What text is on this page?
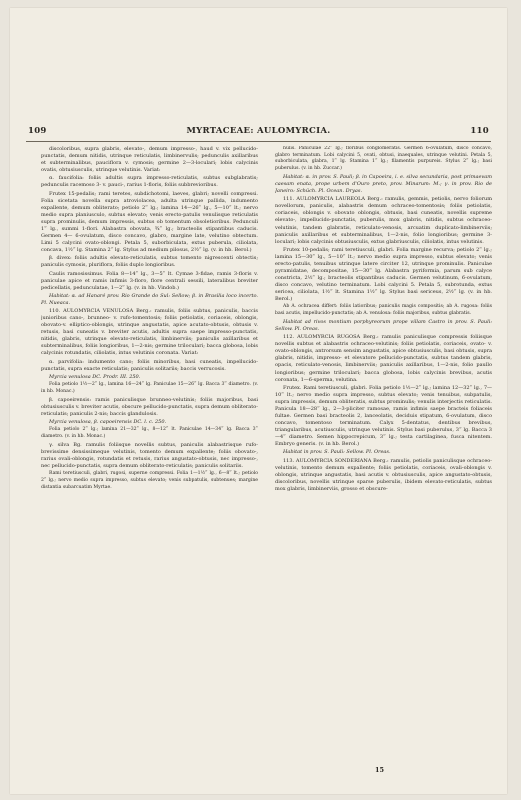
109	MYRTACEAE: AULOMYRCIA.	110

discoloribus, supra glabris, elevato-, demum impresso-, haud v. vix pellucido-punctatis, demum nitidis, utrinque reticulatis, limbinervulis; pedunculis axillaribus et subterminalibus, pauciflora v. cymosis; germine 2—3-loculari; lobis calycinis ovatis, obtusiusculis, utrinque velutinis. Variat:

α. faucifolia: foliis adultis supra impresso-reticulatis, subtus subglabratis; pedunculis racemoso 3- v. pauci-, rarius 1-floris, foliis subbrevioribus.

Frutex 15-pedalis; rami teretes, subdichotomi, laeves, glabri; novelli compressi. Folia sicetata novella supra atroviolacea, adulta utrinque pallida, indumento expallente, demum obliterato; petiolo 2‴ lg.; lamina 14—26‴ lg., 5—10‴ lt.; nervo medio supra planiusculo, subtus elevato; venis erecto-patulis venulisque reticulatis supra prominulis, demum impressis, subtus ob tomentum obsoletioribus. Pedunculi 1‴ lg., summi 1-flori. Alabastra obovata, ¾‴ lg.; bracteolis stipantibus caducis. Germen 4— 6-ovulatum, disco concavo, glabro, margine late, velutino obtectum. Limi 5 calycini ovato-oblongi. Petala 5, suborbiculata, extus puberula, ciliolata, concava, 1½‴ lg. Stamina 2‴ lg. Stylus ad medium pilosus, 2½‴ lg. (v. in hb. Berol.)

β. divex: foliis adultis elevato-reticulatis, subtus tomento nigrescenti obtectis; paniculis cymosis, pluriflora, foliis duplo longioribus.

Caulis ramosissimus. Folia 8—14‴ lg., 3—5‴ lt. Cymae 3-fidae, ramis 3-floris v. paniculae apice et ramis infimis 3-floro, flore centrali sessili, lateralibus breviter pedicellatis, pedunculatae, 1—2‴ lg. (v. in hb. Vindob.)

Habitat: α. ad Hanaré prov. Rio Grande do Sul: Sellow; β. in Brasilia loco incerto. Pl. Nueaca.

110. AULOMYRCIA VENULOSA Berg.: ramulis, foliis subtus, paniculis, baccis junioribus cano-, brunneo- v. rufo-tomentosis; foliis petiolatis, coriaceis, oblongis, obovato-v. elliptico-oblongis, utrinque angustatis, apice acutato-obtusis, obtusis v. retusis, basi cuneatis v. breviter acutis, adultis supra saepe impresso-punctatis, nitidis, glabris, utrinque elevato-reticulatis, limbinerviis; paniculis axillaribus et subterminalibus, foliis longioribus, 1—2-nis; germine triloculari; bacca globosa, lobis calycinis rotundatis, ciliolatis, intus velutinis coronata. Variat:

α. parvifolia: indumento cano; foliis minoribus, basi cuneatis, impellucido-punctatis, supra exacte reticulatis; paniculis solitariis; baccis verrucosis.

Myrcia venulosa DC. Prodr. III. 250.

Folia petiolo 1½—2‴ lg., lamina 16—24‴ lg. Paniculae 15—26‴ lg. Bacca 3‴ diametro. (v. in hb. Monac.)

β. capoeirensis: ramis paniculisque brunneo-velutinis; foliis majoribus, basi obtusiusculis v. breviter acutis, obscure pellucido-punctatis, supra demum obliterato-reticulatis; paniculis 2-nis; baccis glandulosis.

Myrcia venulosa, β. capoeirensis DC. l. c. 250.

Folia petiolo 2‴ lg.; lamina 21—32‴ lg., 8—12‴ lt. Paniculae 14—34‴ lg. Bacca 3‴ diametro. (v. in hb. Monac.)

γ. silva Bg. ramulis foliisque novellis subtus, paniculis alabastrisque rufo-brevissime densissimeque velutinis, tomento demum expallente; foliis obovato-, rarius ovali-oblongis, rotundatis et retusis, rarius angustato-obtusis, nec impresso-, nec pellucido-punctatis, supra demum obliterato-reticulatis; paniculis solitariis.

Rami teretiusculi, glabri, rugosi, superne compressi. Folia 1—1½‴ lg., 6—8‴ lt.; petiolo 2‴ lg.; nervo medio supra impresso, subtus elevato; venis subpatulis, subtenues; margine distantia subarcuatim Myrtae.

nulis. Paniculae 22‴ lg.; floribus conglomeratis. Germen 6-ovulatum, disco concavo, glabro terminatum. Lobi calycini 5, ovati, obtusi, inaequales, utrinque velutini. Petala 5, suborbiculata, glabra, 1‴ lg. Stamina 1‴ lg.; filamentis purpureis. Stylus 2‴ lg.; basi puberulus. (v. in hb. Zuccar.)

Habitat: α. in prov. S. Pauli; β. in Capoeira, i. e. silva secundaria, post primaevam caesam enata, prope urbem d'Ouro preto, prov. Minarum: M.; γ. in prov. Rio de Janeiro: Schüch. Pl. Ocean. Dryas.

111. AULOMYRCIA LAUREOLA Berg.: ramulis, gemmis, petiolis, nervo foliorum novellorum, paniculis, alabastris demum ochraceo-tomentosis; foliis petiolatis, coriaceis, oblongis v. obovato oblongis, obtusis, basi cuneatis, novellis supreme elevato-, impellucido-punctatis, puberulis, mox glabris, nitidis, subtus ochraceo-velutinis, tandem glabratis, reticulato-venosis, arcuatim duplicato-limbinerviis; paniculis axillaribus et subterminalibus, 1—2-nis, folio longioribus; germine 3-loculari; lobis calycinis obtusiusculis, extus glabriusculis, ciliolatis, intus velutinis.

Frutex 10-pedalis; rami teretiusculi, glabri. Folia margine recurva; petiolo 2‴ lg.; lamina 15—30‴ lg., 5—10‴ lt.; nervo medio supra impresso, subtus elevato; venis erecto-patulis, tenuibus utrinque latere circiter 12, utrinque prominulis. Paniculae pyramidatae, decompositae, 15—30‴ lg. Alabastra pyriformia, parum sub calyce constricta, 2½‴ lg.; bracteolis stipantibus caducis. Germen velutinum, 6-ovulatum, disco concavo, velutino terminatum. Lobi calycini 5. Petala 5, subrotunda, extus sericea, ciliolata, 1½‴ lt. Stamina 1½‴ lg. Stylus basi sericeus, 2½‴ lg. (v. in hb. Berol.)

Ab A. ochracea differt: foliis latioribus; paniculis magis compositis; ab A. rugosa: foliis basi acutis, impellucido-punctatis; ab A. venulosa: foliis majoribus, subtus glabratis.

Habitat ad rivos montium porphyreorum prope villam Castro in prov. S. Pauli: Sellow. Pl. Oreas.

112. AULOMYRCIA RUGOSA Berg.: ramulis paniculisque compressis foliisque novellis subtus et alabastris ochraceo-velutinis; foliis petiolatis, coriaceis, ovato- v. ovato-oblongis, antrorsum sensim angustatis, apice obtusiusculis, basi obtusis, supra glabris, nitidis, impresso- et elevatore pellucido-punctatis, subtus tandem glabris, opacis, reticulato-venosis, limbinerviis; paniculis axillaribus, 1—2-nis, folio paullo longioribus; germine triloculari; bacca globosa, lobis calycinis brevibus, acutis coronata, 1—6-sperma, velutina.

Frutex. Rami teretiusculi, glabri. Folia petiolo 1½—2‴ lg.; lamina 12—32‴ lg., 7—10‴ lt.; nervo medio supra impresso, subtus elevato; venis tenuibus, subpatulis, supra impressis, demum obliteratis, subtus prominulis; venulis interjectis reticulatis. Panicula 18—28‴ lg., 2—3-pliciter ramosae, ramis infimis saepe bracteis foliaceis fultae. Germen basi bracteolis 2, lanceolatis, deciduis stipatum, 6-ovulatum, disco concavo, tomentoso terminatum. Calyx 5-dentatus, dentibus brevibus, triangularibus, acutiusculis, utrinque velutinis. Stylus basi puberulus, 3‴ lg. Bacca 3—4‴ diametro. Semen hippocrepicum, 3‴ lg.; testa cartilaginea, fusca nitentem. Embryo generis. (v. in hb. Berol.)

Habitat in prov. S. Pauli: Sellow. Pl. Oreas.

113. AULOMYRCIA SONDERIANA Berg.: ramulis, petiolis paniculisque ochraceo-velutinis, tomento demum expallente; foliis petiolatis, coriaceis, ovali-oblongis v. oblongis, utrinque angustatis, basi acutis v. obtusiusculis, apice angustato-obtusis, discoloribus, novellis utrinque sparse puberulis, ibidem elevato-reticulatis, subtus mox glabris, limbinerviis, grosso et obscure-

15
